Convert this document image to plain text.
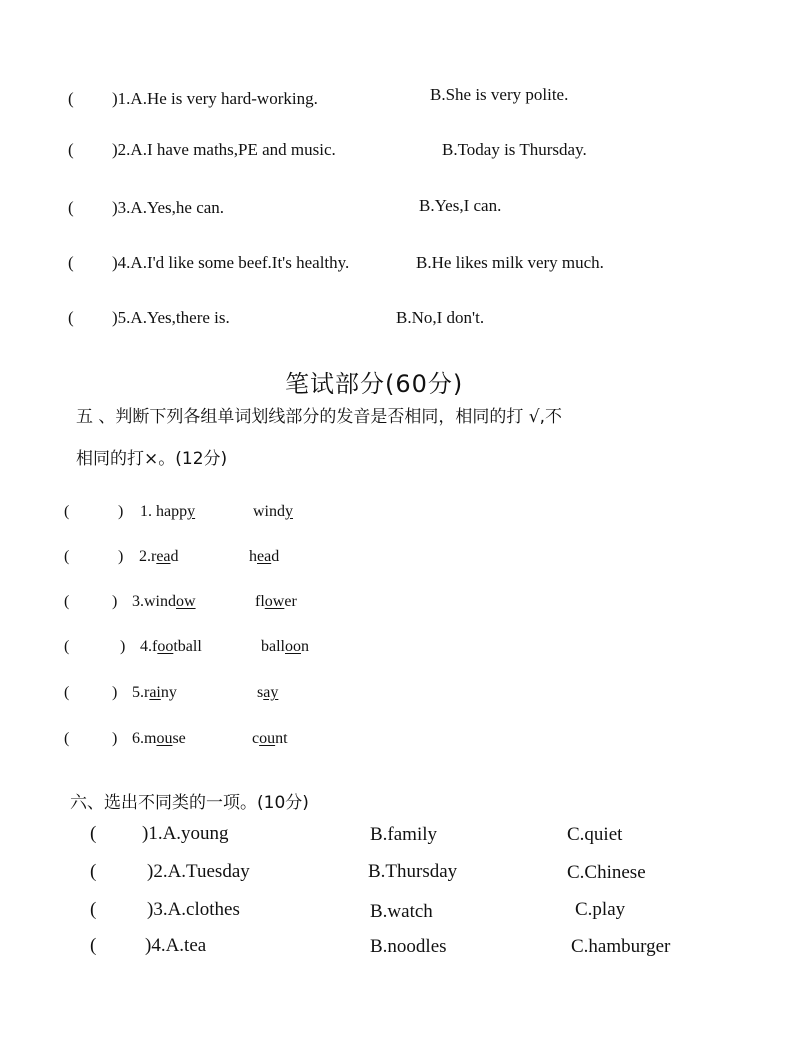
( )1.A.He is very hard-working.	B.She is very polite.
( )2.A.I have maths,PE and music.	B.Today is Thursday.
( )3.A.Yes,he can.	B.Yes,I can.
( )4.A.I'd like some beef.It's healthy.	B.He likes milk very much.
( )5.A.Yes,there is.	B.No,I don't.
笔试部分(60分)
五 、判断下列各组单词划线部分的发音是否相同，相同的打 √,不
相同的打×。(12分)
(	) 1. happy	windy
(	) 2.read	head
(	) 3.window	flower
(	) 4.football	balloon
(	) 5.rainy	say
(	) 6.mouse	count
六、选出不同类的一项。(10分)
( )1.A.young	B.family	C.quiet
(	)2.A.Tuesday	B.Thursday	C.Chinese
(	)3.A.clothes	B.watch	C.play
(	)4.A.tea	B.noodles	C.hamburger
